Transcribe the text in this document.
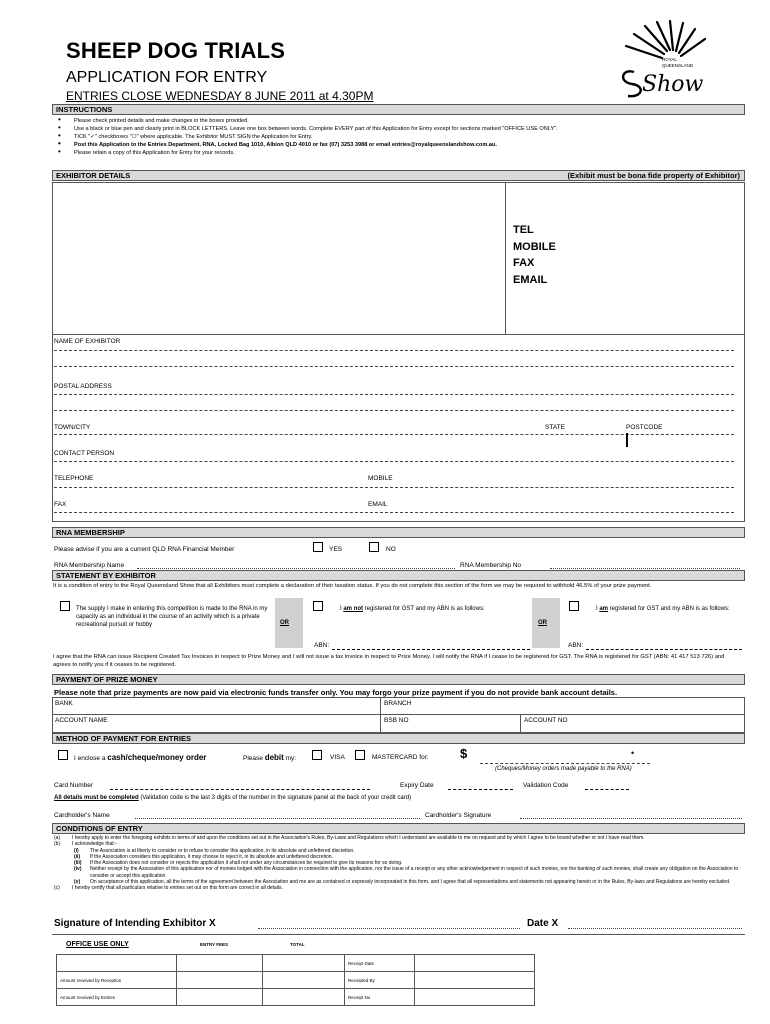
SHEEP DOG TRIALS
APPLICATION FOR ENTRY
ENTRIES CLOSE WEDNESDAY 8 JUNE 2011 at 4.30PM
ROYAL
QUEENSLAND
Show
INSTRUCTIONS
• Please check printed details and make changes in the boxes provided.
• Use a black or blue pen and clearly print in BLOCK LETTERS. Leave one box between words. Complete EVERY part of this Application for Entry except for sections marked "OFFICE USE ONLY".
• TICK "✓" checkboxes "☐" where applicable. The Exhibitor MUST SIGN the Application for Entry.
• Post this Application to the Entries Department, RNA, Locked Bag 1010, Albion QLD 4010 or fax (07) 3253 3988 or email entries@royalqueenslandshow.com.au.
• Please retain a copy of this Application for Entry for your records.
EXHIBITOR DETAILS	(Exhibit must be bona fide property of Exhibitor)
TEL
MOBILE
FAX
EMAIL
NAME OF EXHIBITOR
POSTAL ADDRESS
TOWN/CITY	STATE	POSTCODE
CONTACT PERSON
TELEPHONE	MOBILE
FAX	EMAIL
RNA MEMBERSHIP
Please advise if you are a current QLD RNA Financial Member	YES	NO
RNA Membership Name	RNA Membership No
STATEMENT BY EXHIBITOR
It is a condition of entry to the Royal Queensland Show that all Exhibitors must complete a declaration of their taxation status. If you do not complete this section of the form we may be required to withhold 46.5% of your prize payment.
The supply I make in entering this competition is made to the RNA in my capacity as an individual in the course of an activity which is a private recreational pursuit or hobby	OR
I am not registered for GST and my ABN is as follows:
ABN:
OR
I am registered for GST and my ABN is as follows:
ABN:
I agree that the RNA can issue Recipient Created Tax Invoices in respect to Prize Money and I will not issue a tax invoice in respect to Prize Money. I will notify the RNA if I cease to be registered for GST. The RNA is registered for GST (ABN: 41 417 513 726) and agrees to notify you if it ceases to be registered.
PAYMENT OF PRIZE MONEY
Please note that prize payments are now paid via electronic funds transfer only. You may forgo your prize payment if you do not provide bank account details.
BANK	BRANCH
ACCOUNT NAME	BSB NO	ACCOUNT NO
METHOD OF PAYMENT FOR ENTRIES
I enclose a cash/cheque/money order	Please debit my:	VISA	MASTERCARD for: $	•
(Cheques/Money orders made payable to the RNA)
Card Number	Expiry Date	Validation Code
All details must be completed (Validation code is the last 3 digits of the number in the signature panel at the back of your credit card)
Cardholder's Name	Cardholder's Signature
CONDITIONS OF ENTRY
(a) I hereby apply to enter the foregoing exhibits in terms of and upon the conditions set out in the Association's Rules, By-Laws and Regulations which I understand are available to me on request and by which I agree to be bound whether or not I have read them.
(b) I acknowledge that:-
(i) The Association is at liberty to consider or to refuse to consider this application, in its absolute and unfettered discretion.
(ii) If the Association considers this application, it may choose to reject it, in its absolute and unfettered discretion.
(iii) If the Association does not consider or rejects the application it shall not under any circumstances be required to give its reasons for so doing.
(iv) Neither receipt by the Association of this application nor of monies lodged with the Association in connection with the application, nor the issue of a receipt or any other acknowledgement in respect of such monies, nor the banking of such monies, shall create any obligation on the Association to consider or accept this application.
(v) On acceptance of this application, all the terms of the agreement between the Association and me are as contained or expressly incorporated in this form, and I agree that all representations and statements not appearing herein or in the Rules, By-laws and Regulations are hereby excluded.
(c) I hereby certify that all particulars relative to entries set out on this form are correct in all details.
Signature of Intending Exhibitor X	Date X
OFFICE USE ONLY	ENTRY FEES	TOTAL
			Receipt Date	
Amount received by Reception			Receipted By	
Amount received by Entries			Receipt No	
